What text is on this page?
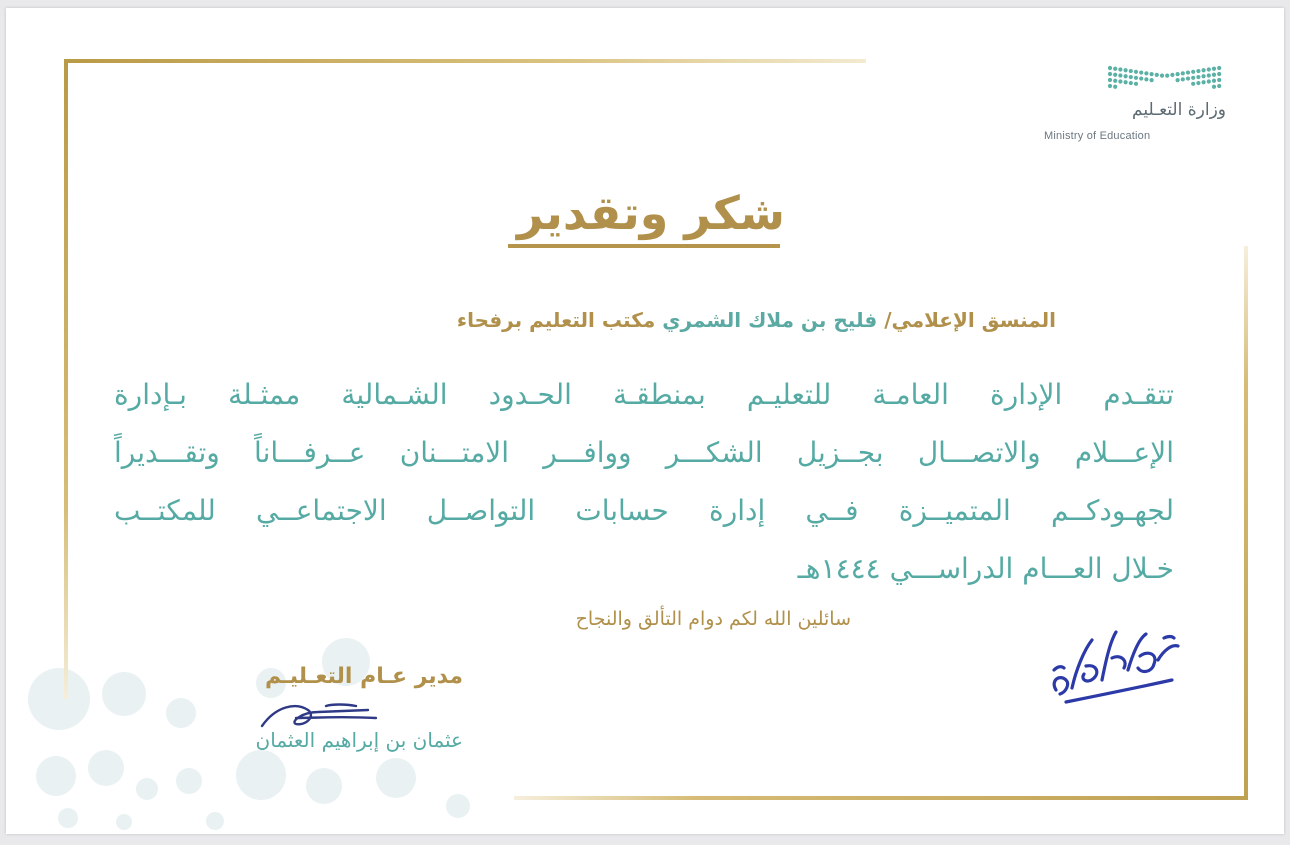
وزارة التعـليم
Ministry of Education
شكر وتقدير
المنسق الإعلامي/ فليح بن ملاك الشمري مكتب التعليم برفحاء
تتقـدم الإدارة العامـة للتعليـم بمنطقـة الحـدود الشـمالية ممثـلة بـإدارة
الإعـــلام والاتصـــال بجــزيل الشكـــر ووافـــر الامتـــنان عــرفـــاناً وتقـــديراً
لجهـودكــم المتميــزة فــي إدارة حسابات التواصــل الاجتماعــي للمكتــب
خـلال العـــام الدراســـي ١٤٤٤هـ
سائلين الله لكم دوام التألق والنجاح
مدير عـام التعـليـم
عثمان بن إبراهيم العثمان
